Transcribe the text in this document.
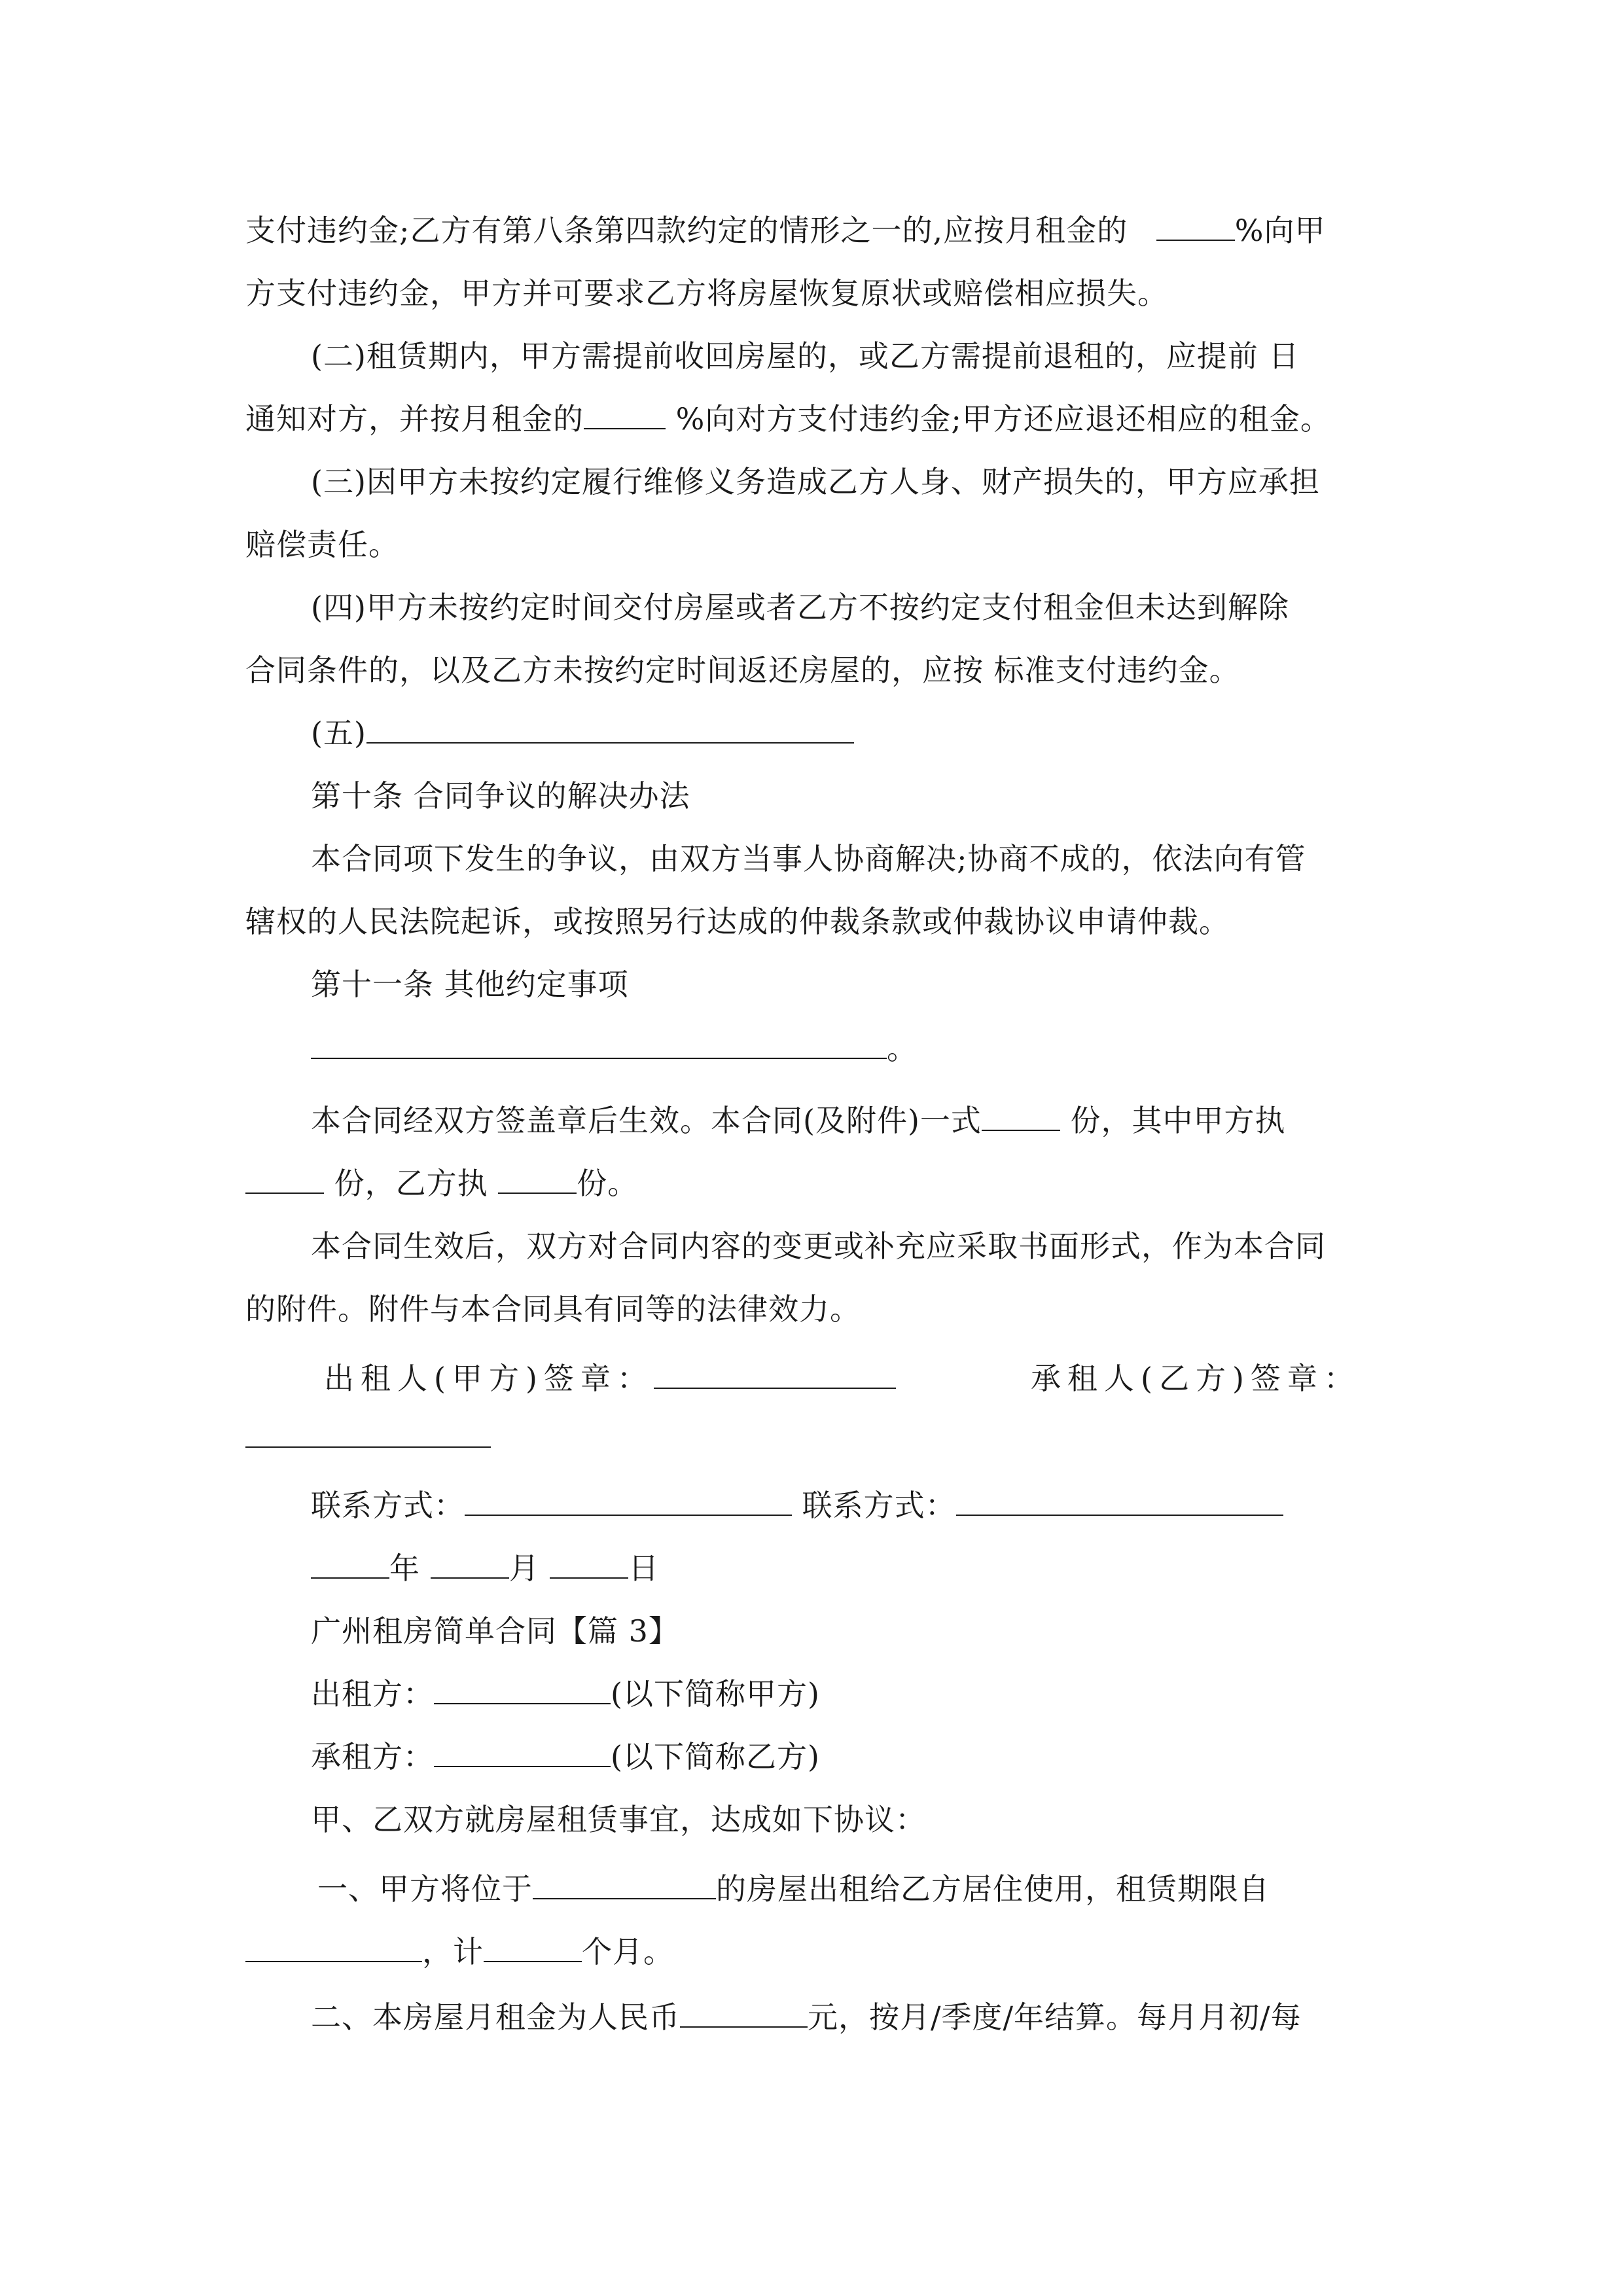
支付违约金;乙方有第八条第四款约定的情形之一的,应按月租金的	%向甲
方支付违约金，甲方并可要求乙方将房屋恢复原状或赔偿相应损失。
(二)租赁期内，甲方需提前收回房屋的，或乙方需提前退租的，应提前 日
通知对方，并按月租金的	%向对方支付违约金;甲方还应退还相应的租金。
(三)因甲方未按约定履行维修义务造成乙方人身、财产损失的，甲方应承担
赔偿责任。
(四)甲方未按约定时间交付房屋或者乙方不按约定支付租金但未达到解除
合同条件的，以及乙方未按约定时间返还房屋的，应按 标准支付违约金。
(五)
第十条 合同争议的解决办法
本合同项下发生的争议，由双方当事人协商解决;协商不成的，依法向有管
辖权的人民法院起诉，或按照另行达成的仲裁条款或仲裁协议申请仲裁。
第十一条 其他约定事项
。
本合同经双方签盖章后生效。本合同(及附件)一式	份，其中甲方执
份，乙方执	份。
本合同生效后，双方对合同内容的变更或补充应采取书面形式，作为本合同
的附件。附件与本合同具有同等的法律效力。
出租人(甲方)签章：	承租人(乙方)签章：
联系方式：	联系方式：
年	月	日
广州租房简单合同【篇 3】
出租方：	(以下简称甲方)
承租方：	(以下简称乙方)
甲、乙双方就房屋租赁事宜，达成如下协议：
一、甲方将位于	的房屋出租给乙方居住使用，租赁期限自
，计	个月。
二、本房屋月租金为人民币	元，按月/季度/年结算。每月月初/每
